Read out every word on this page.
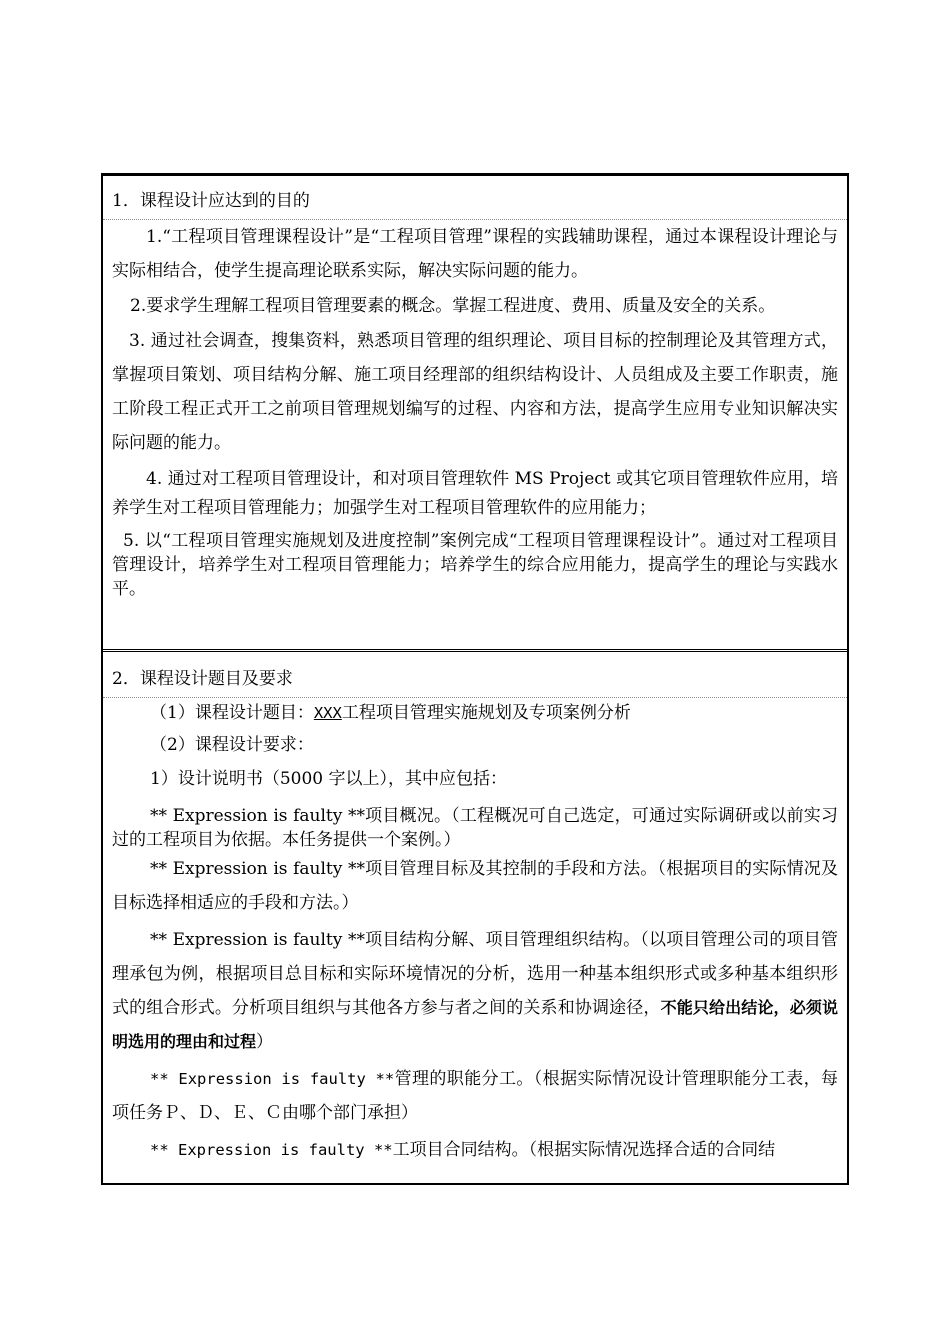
1．课程设计应达到的目的

1.“工程项目管理课程设计”是“工程项目管理”课程的实践辅助课程，通过本课程设计理论与实际相结合，使学生提高理论联系实际，解决实际问题的能力。

2.要求学生理解工程项目管理要素的概念。掌握工程进度、费用、质量及安全的关系。

3. 通过社会调查，搜集资料，熟悉项目管理的组织理论、项目目标的控制理论及其管理方式，掌握项目策划、项目结构分解、施工项目经理部的组织结构设计、人员组成及主要工作职责，施工阶段工程正式开工之前项目管理规划编写的过程、内容和方法，提高学生应用专业知识解决实际问题的能力。

4. 通过对工程项目管理设计，和对项目管理软件 MS Project 或其它项目管理软件应用，培养学生对工程项目管理能力；加强学生对工程项目管理软件的应用能力；

5. 以“工程项目管理实施规划及进度控制”案例完成“工程项目管理课程设计”。通过对工程项目管理设计，培养学生对工程项目管理能力；培养学生的综合应用能力，提高学生的理论与实践水平。

2．课程设计题目及要求

（1）课程设计题目：XXX工程项目管理实施规划及专项案例分析

（2）课程设计要求：

1）设计说明书（5000 字以上），其中应包括：

** Expression is faulty **项目概况。（工程概况可自己选定，可通过实际调研或以前实习过的工程项目为依据。本任务提供一个案例。）

** Expression is faulty **项目管理目标及其控制的手段和方法。（根据项目的实际情况及目标选择相适应的手段和方法。）

** Expression is faulty **项目结构分解、项目管理组织结构。（以项目管理公司的项目管理承包为例，根据项目总目标和实际环境情况的分析，选用一种基本组织形式或多种基本组织形式的组合形式。分析项目组织与其他各方参与者之间的关系和协调途径，不能只给出结论，必须说明选用的理由和过程）

** Expression is faulty **管理的职能分工。（根据实际情况设计管理职能分工表，每项任务Ｐ、Ｄ、Ｅ、Ｃ由哪个部门承担）

** Expression is faulty **工项目合同结构。（根据实际情况选择合适的合同结
